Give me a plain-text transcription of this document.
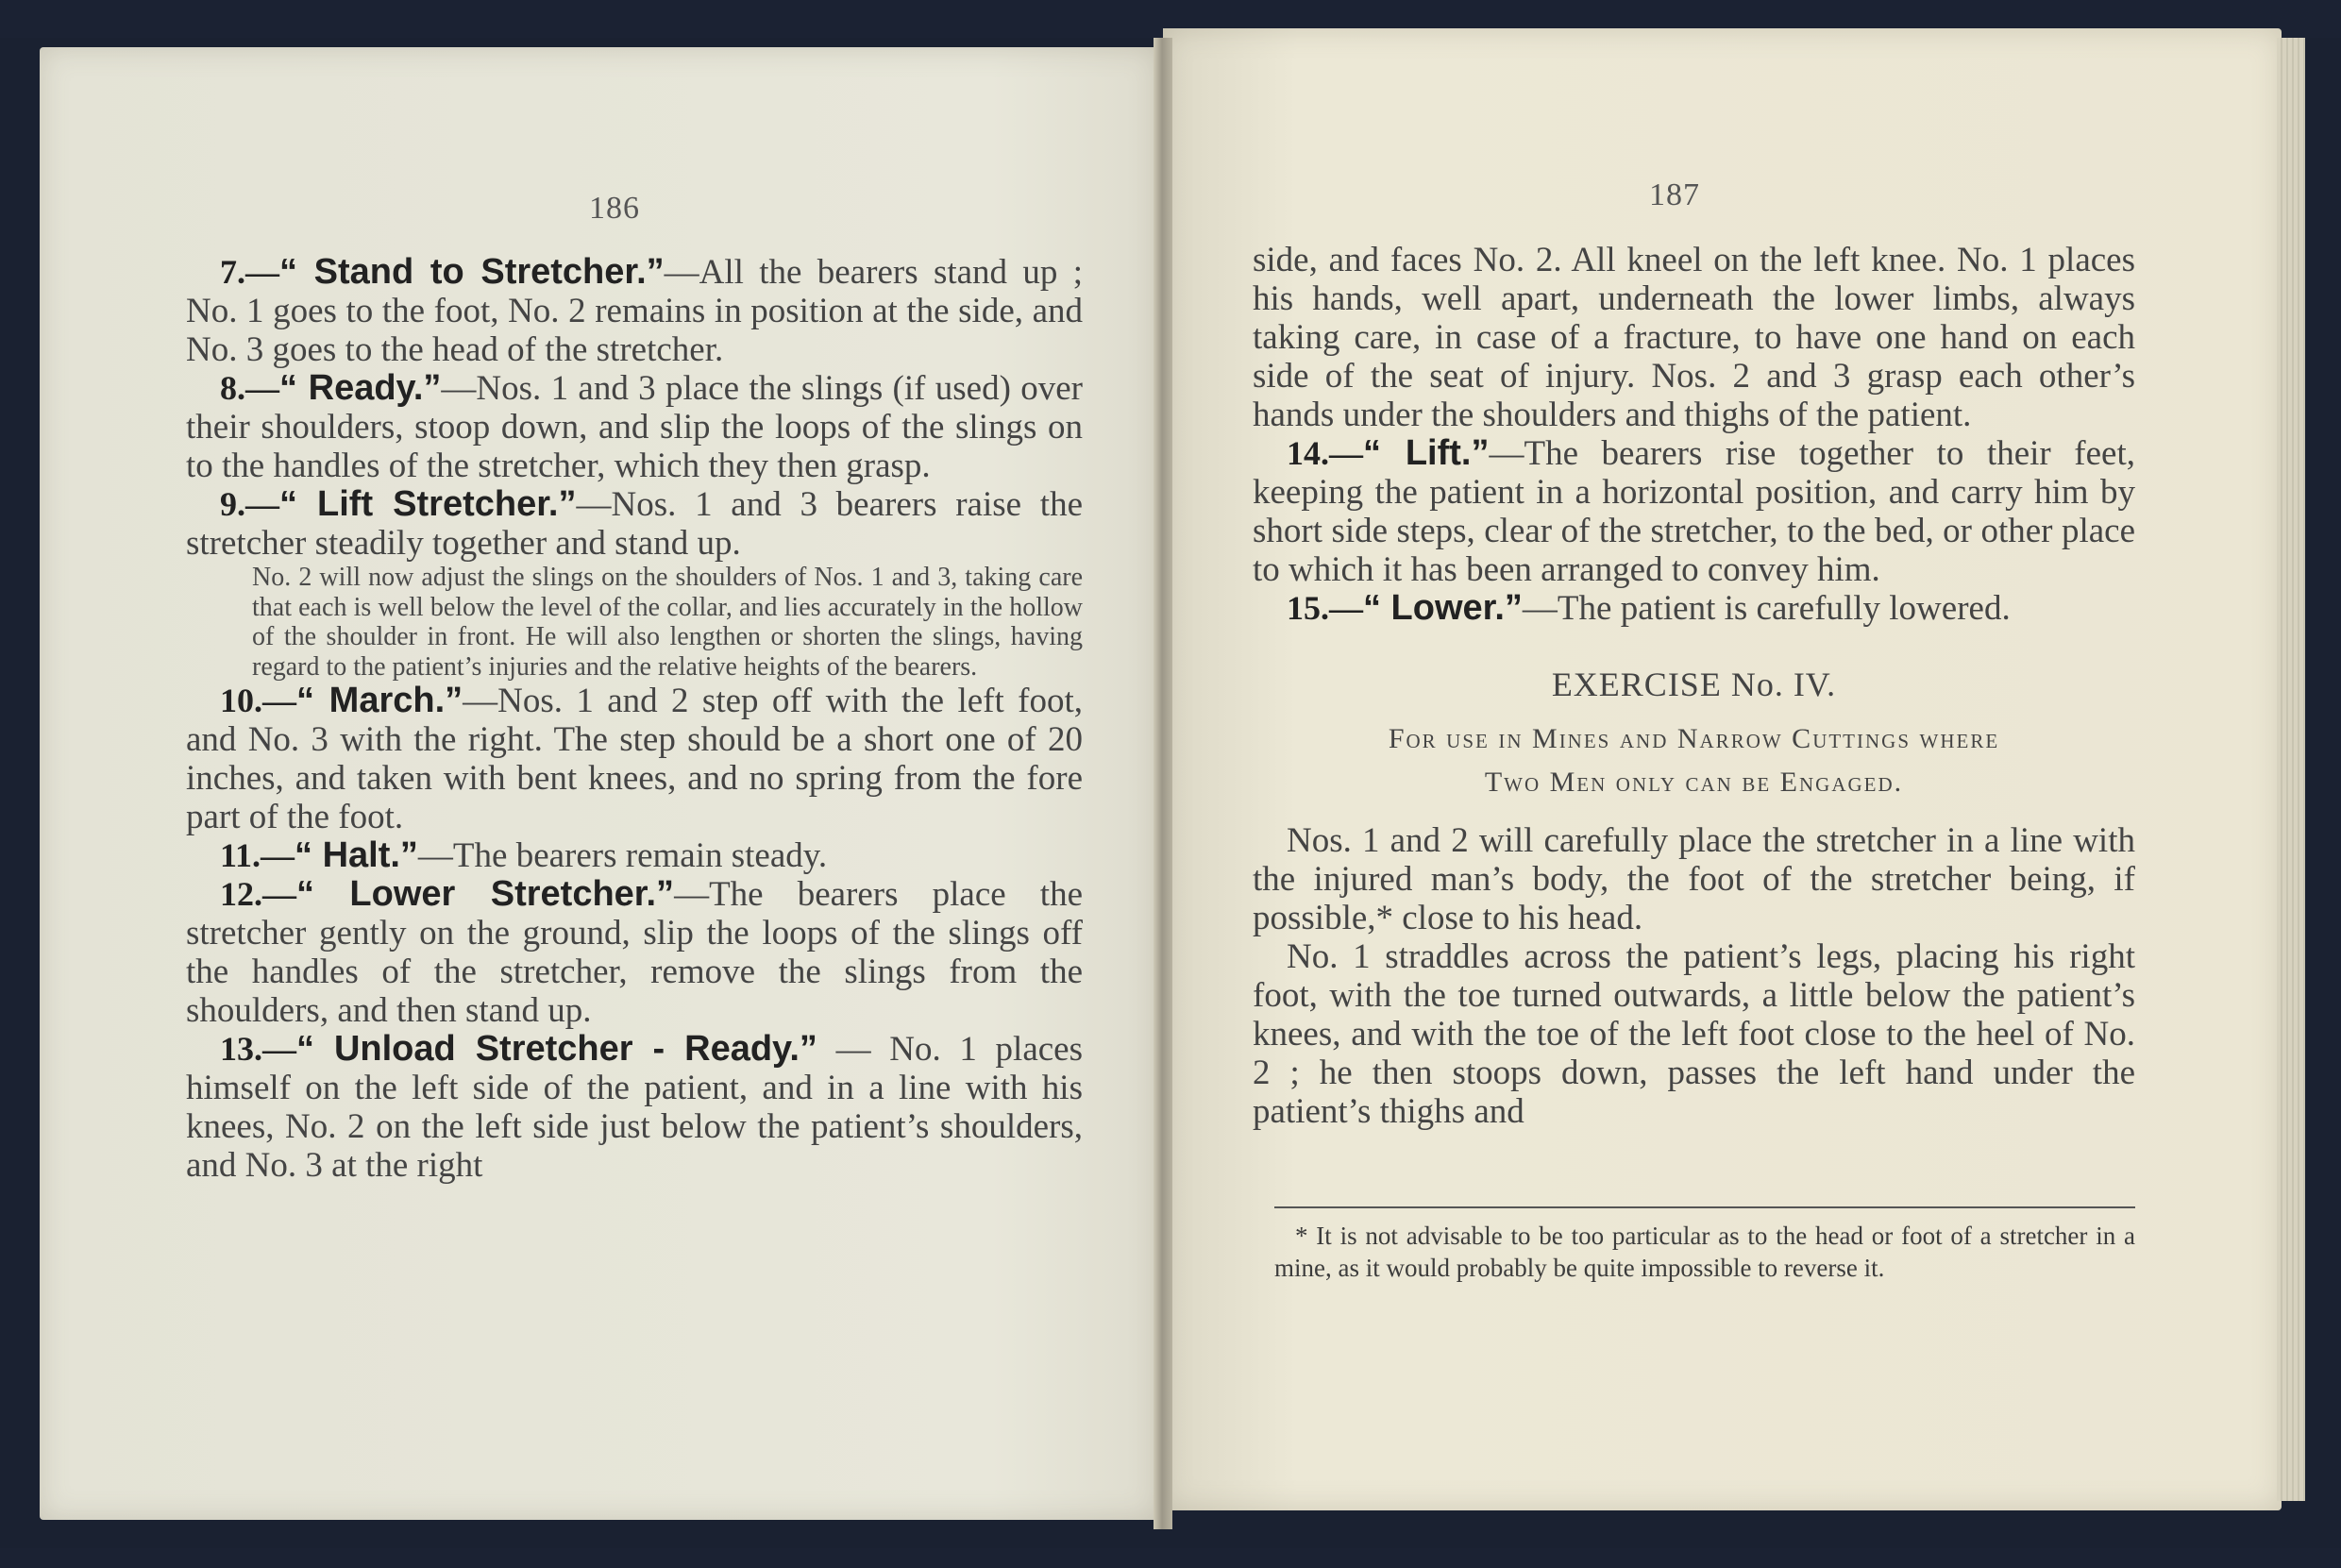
186

7.—“ Stand to Stretcher.”—All the bearers stand up ; No. 1 goes to the foot, No. 2 remains in position at the side, and No. 3 goes to the head of the stretcher.

8.—“ Ready.”—Nos. 1 and 3 place the slings (if used) over their shoulders, stoop down, and slip the loops of the slings on to the handles of the stretcher, which they then grasp.

9.—“ Lift Stretcher.”—Nos. 1 and 3 bearers raise the stretcher steadily together and stand up.

No. 2 will now adjust the slings on the shoulders of Nos. 1 and 3, taking care that each is well below the level of the collar, and lies accurately in the hollow of the shoulder in front. He will also lengthen or shorten the slings, having regard to the patient’s injuries and the relative heights of the bearers.

10.—“ March.”—Nos. 1 and 2 step off with the left foot, and No. 3 with the right. The step should be a short one of 20 inches, and taken with bent knees, and no spring from the fore part of the foot.

11.—“ Halt.”—The bearers remain steady.

12.—“ Lower Stretcher.”—The bearers place the stretcher gently on the ground, slip the loops of the slings off the handles of the stretcher, remove the slings from the shoulders, and then stand up.

13.—“ Unload Stretcher - Ready.” — No. 1 places himself on the left side of the patient, and in a line with his knees, No. 2 on the left side just below the patient’s shoulders, and No. 3 at the right

187

side, and faces No. 2. All kneel on the left knee. No. 1 places his hands, well apart, underneath the lower limbs, always taking care, in case of a fracture, to have one hand on each side of the seat of injury. Nos. 2 and 3 grasp each other’s hands under the shoulders and thighs of the patient.

14.—“ Lift.”—The bearers rise together to their feet, keeping the patient in a horizontal position, and carry him by short side steps, clear of the stretcher, to the bed, or other place to which it has been arranged to convey him.

15.—“ Lower.”—The patient is carefully lowered.

EXERCISE No. IV.

For use in Mines and Narrow Cuttings where

Two Men only can be Engaged.

Nos. 1 and 2 will carefully place the stretcher in a line with the injured man’s body, the foot of the stretcher being, if possible,* close to his head.

No. 1 straddles across the patient’s legs, placing his right foot, with the toe turned outwards, a little below the patient’s knees, and with the toe of the left foot close to the heel of No. 2 ; he then stoops down, passes the left hand under the patient’s thighs and

* It is not advisable to be too particular as to the head or foot of a stretcher in a mine, as it would probably be quite impossible to reverse it.
